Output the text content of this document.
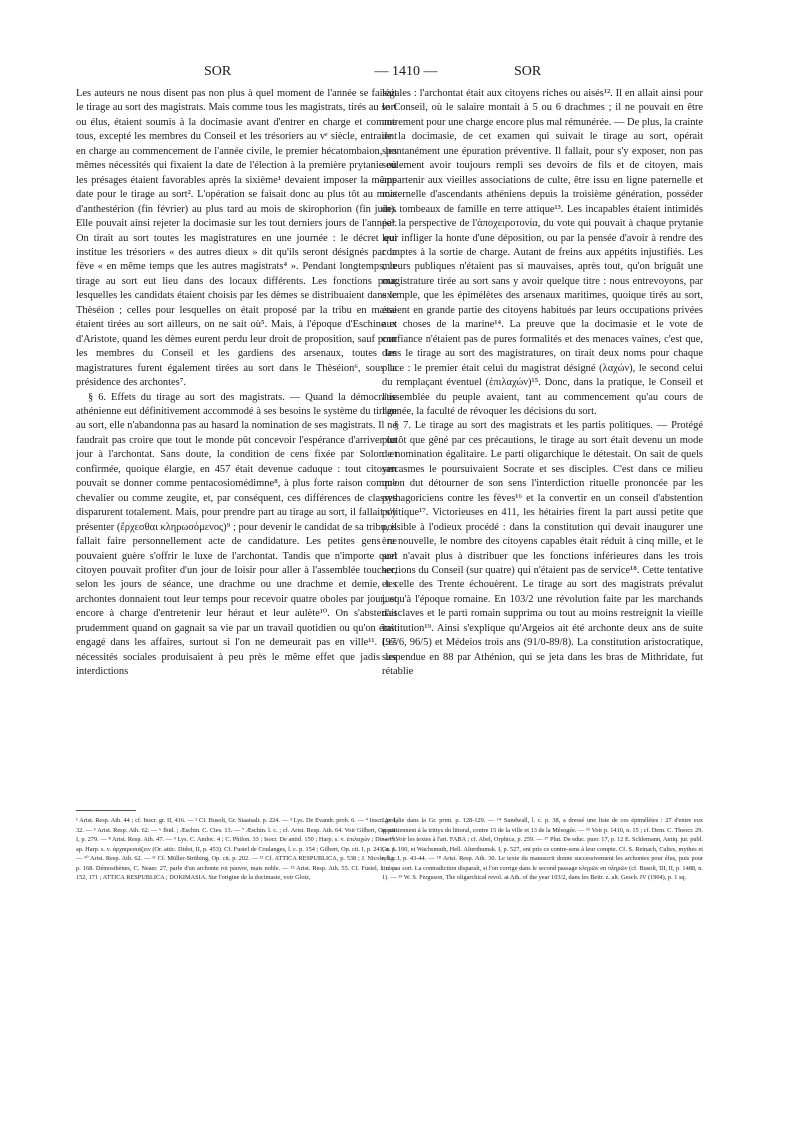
— 1410 —
SOR	SOR

Les auteurs ne nous disent pas non plus à quel moment de l'année se faisait le tirage au sort des magistrats. Mais comme tous les magistrats, tirés au sort ou élus, étaient soumis à la docimasie avant d'entrer en charge et comme tous, excepté les membres du Conseil et les trésoriers au vᵉ siècle, entraient en charge au commencement de l'année civile, le premier hécatombaion, les mêmes nécessités qui fixaient la date de l'élection à la première prytanie où les présages étaient favorables après la sixième¹ devaient imposer la même date pour le tirage au sort². L'opération se faisait donc au plus tôt au mois d'anthestérion (fin février) au plus tard au mois de skirophorion (fin juin). Elle pouvait ainsi rejeter la docimasie sur les tout derniers jours de l'année³. On tirait au sort toutes les magistratures en une journée : le décret qui institue les trésoriers « des autres dieux » dit qu'ils seront désignés par la fève « en même temps que les autres magistrats⁴ ». Pendant longtemps, le tirage au sort eut lieu dans des locaux différents. Les fonctions pour lesquelles les candidats étaient choisis par les dèmes se distribuaient dans le Thèséion ; celles pour lesquelles on était proposé par la tribu en masse étaient tirées au sort ailleurs, on ne sait où⁵. Mais, à l'époque d'Eschine et d'Aristote, quand les dèmes eurent perdu leur droit de proposition, sauf pour les membres du Conseil et les gardiens des arsenaux, toutes les magistratures furent également tirées au sort dans le Thèséion⁶, sous la présidence des archontes⁷.

§ 6. Effets du tirage au sort des magistrats. — Quand la démocratie athénienne eut définitivement accommodé à ses besoins le système du tirage au sort, elle n'abandonna pas au hasard la nomination de ses magistrats. Il ne faudrait pas croire que tout le monde pût concevoir l'espérance d'arriver un jour à l'archontat. Sans doute, la condition de cens fixée par Solon et confirmée, quoique élargie, en 457 était devenue caduque : tout citoyen pouvait se donner comme pentacosiomédimne⁸, à plus forte raison comme chevalier ou comme zeugite, et, par conséquent, ces différences de classes disparurent totalement. Mais, pour prendre part au tirage au sort, il fallait s'y présenter (ἔρχεσθαι κληρωσόμενος)⁹ ; pour devenir le candidat de sa tribu, il fallait faire personnellement acte de candidature. Les petites gens ne pouvaient guère s'offrir le luxe de l'archontat. Tandis que n'importe quel citoyen pouvait profiter d'un jour de loisir pour aller à l'assemblée toucher, selon les jours de séance, une drachme ou une drachme et demie, les archontes donnaient tout leur temps pour recevoir quatre oboles par jour, et encore à charge d'entretenir leur héraut et leur aulète¹⁰. On s'abstenait prudemment quand on gagnait sa vie par un travail quotidien ou qu'on était engagé dans les affaires, surtout si l'on ne demeurait pas en ville¹¹. Les nécessités sociales produisaient à peu près le même effet que jadis les interdictions

légales : l'archontat était aux citoyens riches ou aisés¹². Il en allait ainsi pour le Conseil, où le salaire montait à 5 ou 6 drachmes ; il ne pouvait en être autrement pour une charge encore plus mal rémunérée. — De plus, la crainte de la docimasie, de cet examen qui suivait le tirage au sort, opérait spontanément une épuration préventive. Il fallait, pour s'y exposer, non pas seulement avoir toujours rempli ses devoirs de fils et de citoyen, mais appartenir aux vieilles associations de culte, être issu en ligne paternelle et maternelle d'ascendants athéniens depuis la troisième génération, posséder des tombeaux de famille en terre attique¹³. Les incapables étaient intimidés par la perspective de l'ἀποχειροτονία, du vote qui pouvait à chaque prytanie leur infliger la honte d'une déposition, ou par la pensée d'avoir à rendre des comptes à la sortie de charge. Autant de freins aux appétits injustifiés. Les mœurs publiques n'étaient pas si mauvaises, après tout, qu'on briguât une magistrature tirée au sort sans y avoir quelque titre : nous entrevoyons, par exemple, que les épimélètes des arsenaux maritimes, quoique tirés au sort, étaient en grande partie des citoyens habitués par leurs occupations privées aux choses de la marine¹⁴. La preuve que la docimasie et le vote de confiance n'étaient pas de pures formalités et des menaces vaines, c'est que, dans le tirage au sort des magistratures, on tirait deux noms pour chaque place : le premier était celui du magistrat désigné (λαχών), le second celui du remplaçant éventuel (ἐπιλαχών)¹⁵. Donc, dans la pratique, le Conseil et l'assemblée du peuple avaient, tant au commencement qu'au cours de l'année, la faculté de révoquer les décisions du sort.

§ 7. Le tirage au sort des magistrats et les partis politiques. — Protégé plutôt que gêné par ces précautions, le tirage au sort était devenu un mode de nomination égalitaire. Le parti oligarchique le détestait. On sait de quels sarcasmes le poursuivaient Socrate et ses disciples. C'est dans ce milieu qu'on dut détourner de son sens l'interdiction rituelle prononcée par les pythagoriciens contre les fèves¹⁶ et la convertir en un conseil d'abstention politique¹⁷. Victorieuses en 411, les hétairies firent la part aussi petite que possible à l'odieux procédé : dans la constitution qui devait inaugurer une ère nouvelle, le nombre des citoyens capables était réduit à cinq mille, et le sort n'avait plus à distribuer que les fonctions inférieures dans les trois sections du Conseil (sur quatre) qui n'étaient pas de service¹⁸. Cette tentative et celle des Trente échouèrent. Le tirage au sort des magistrats prévalut jusqu'à l'époque romaine. En 103/2 une révolution faite par les marchands d'esclaves et le parti romain supprima ou tout au moins restreignit la vieille institution¹⁹. Ainsi s'explique qu'Argeios ait été archonte deux ans de suite (97/6, 96/5) et Médeios trois ans (91/0-89/8). La constitution aristocratique, suspendue en 88 par Athénion, qui se jeta dans les bras de Mithridate, fut rétablie

¹ Arist. Resp. Ath. 44 ; cf. Inscr. gr. II, 416. — ² Cf. Busolt, Gr. Staatsalt. p. 224. — ³ Lys. De Evandr. prob. 6. — ⁴ Inscr. gr. I, 32. — ⁵ Arist. Resp. Ath. 62. — ⁶ Ibid. ; Æschin. C. Ctes. 13. — ⁷ Æschin. l. c. ; cf. Arist. Resp. Ath. 64. Voir Gilbert, Op. cit. I, p. 279. — ⁸ Arist. Resp. Ath. 47. — ⁹ Lys. C. Andoc. 4 ; C. Philon. 33 ; Isocr. De antid. 150 ; Harp. s. v. ἐπιλαχών ; Dinarch. ap. Harp. s. v. ἀρχαιρεσιάζειν (Or. attic. Didot, II, p. 453). Cf. Fustel de Coulanges, l. c. p. 154 ; Gilbert, Op. cit. I, p. 241, n. 1. — ¹⁰ Arist. Resp. Ath. 62. — ¹¹ Cf. Müller-Strübing, Op. cit. p. 202. — ¹² Cf. ATTICA RESPUBLICA, p. 538 ; J. Nicole, l. c. p. 168. Démosthènes, C. Neaer. 27, parle d'un archonte roi pauvre, mais noble. — ¹³ Arist. Resp. Ath. 55. Cf. Fustel, l. c. p. 152, 171 ; ATTICA RESPUBLICA ; DOKIMASIA. Sur l'origine de la docimasie, voir Glotz,
L'ordalie dans la Gr. prim. p. 128-129. — ¹⁴ Sundwall, l. c. p. 38, a dressé une liste de ces épimélètes : 27 d'entre eux appartiennent à la trittys du littoral, contre 15 de la ville et 13 de la Mésogée. — ¹⁵ Voir p. 1410, n. 15 ; cf. Dem. C. Theocr. 29. — ¹⁶ Voir les textes à l'art. FABA ; cf. Abel, Orphica, p. 259. — ¹⁷ Plut. De educ. puer. 17, p. 12 E. Schlemann, Antiq. jur. publ. Gr. p. 100, et Wachsmuth, Hell. Alterthumsk. I, p. 527, ont pris ce contre-sens à leur compte. Cf. S. Reinach, Cultes, mythes et relig. I, p. 43-44. — ¹⁸ Arist. Resp. Ath. 30. Le texte du manuscrit donne successivement les archontes pour élus, puis pour tirés au sort. La contradiction disparaît, si l'on corrige dans le second passage κληρῶν en πληρῶν (cf. Busolt, III, II, p. 1488, n. 1). — ¹⁹ W. S. Ferguson, The oligarchical revol. at Ath. of the year 103/2, dans les Beitr. z. alt. Gesch. IV (1904), p. 1 sq.
